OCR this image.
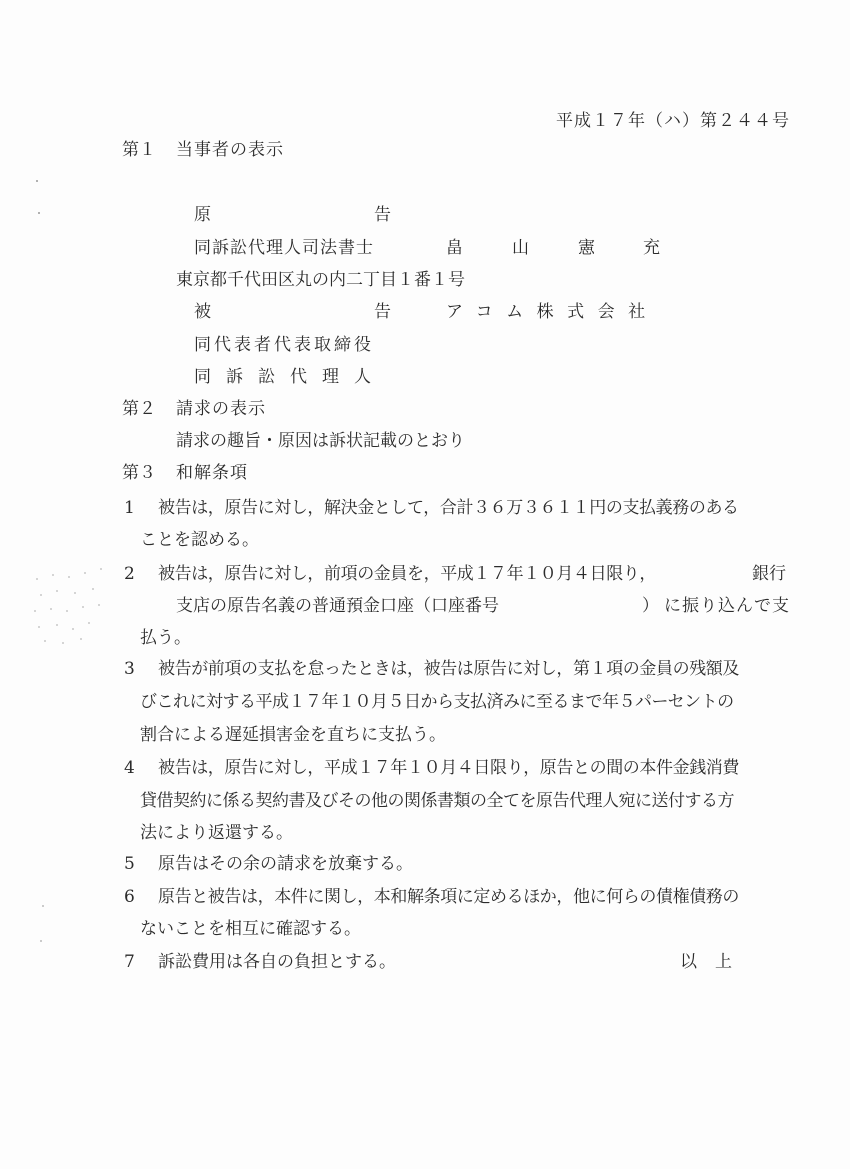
平成１７年（ハ）第２４４号
第１ 当事者の表示
原	告
同訴訟代理人司法書士	畠	山	憲	充
東京都千代田区丸の内二丁目１番１号
被	告	アコム株式会社
同代表者代表取締役
同訴訟代理人
第２ 請求の表示
請求の趣旨・原因は訴状記載のとおり
第３ 和解条項
1 被告は，原告に対し，解決金として，合計３６万３６１１円の支払義務のある
ことを認める。
2 被告は，原告に対し，前項の金員を，平成１７年１０月４日限り，	銀行
支店の原告名義の普通預金口座（口座番号	） に振り込んで支
払う。
3 被告が前項の支払を怠ったときは，被告は原告に対し，第１項の金員の残額及
びこれに対する平成１７年１０月５日から支払済みに至るまで年５パーセントの
割合による遅延損害金を直ちに支払う。
4 被告は，原告に対し，平成１７年１０月４日限り，原告との間の本件金銭消費
貸借契約に係る契約書及びその他の関係書類の全てを原告代理人宛に送付する方
法により返還する。
5 原告はその余の請求を放棄する。
6 原告と被告は，本件に関し，本和解条項に定めるほか，他に何らの債権債務の
ないことを相互に確認する。
7 訴訟費用は各自の負担とする。	以上
